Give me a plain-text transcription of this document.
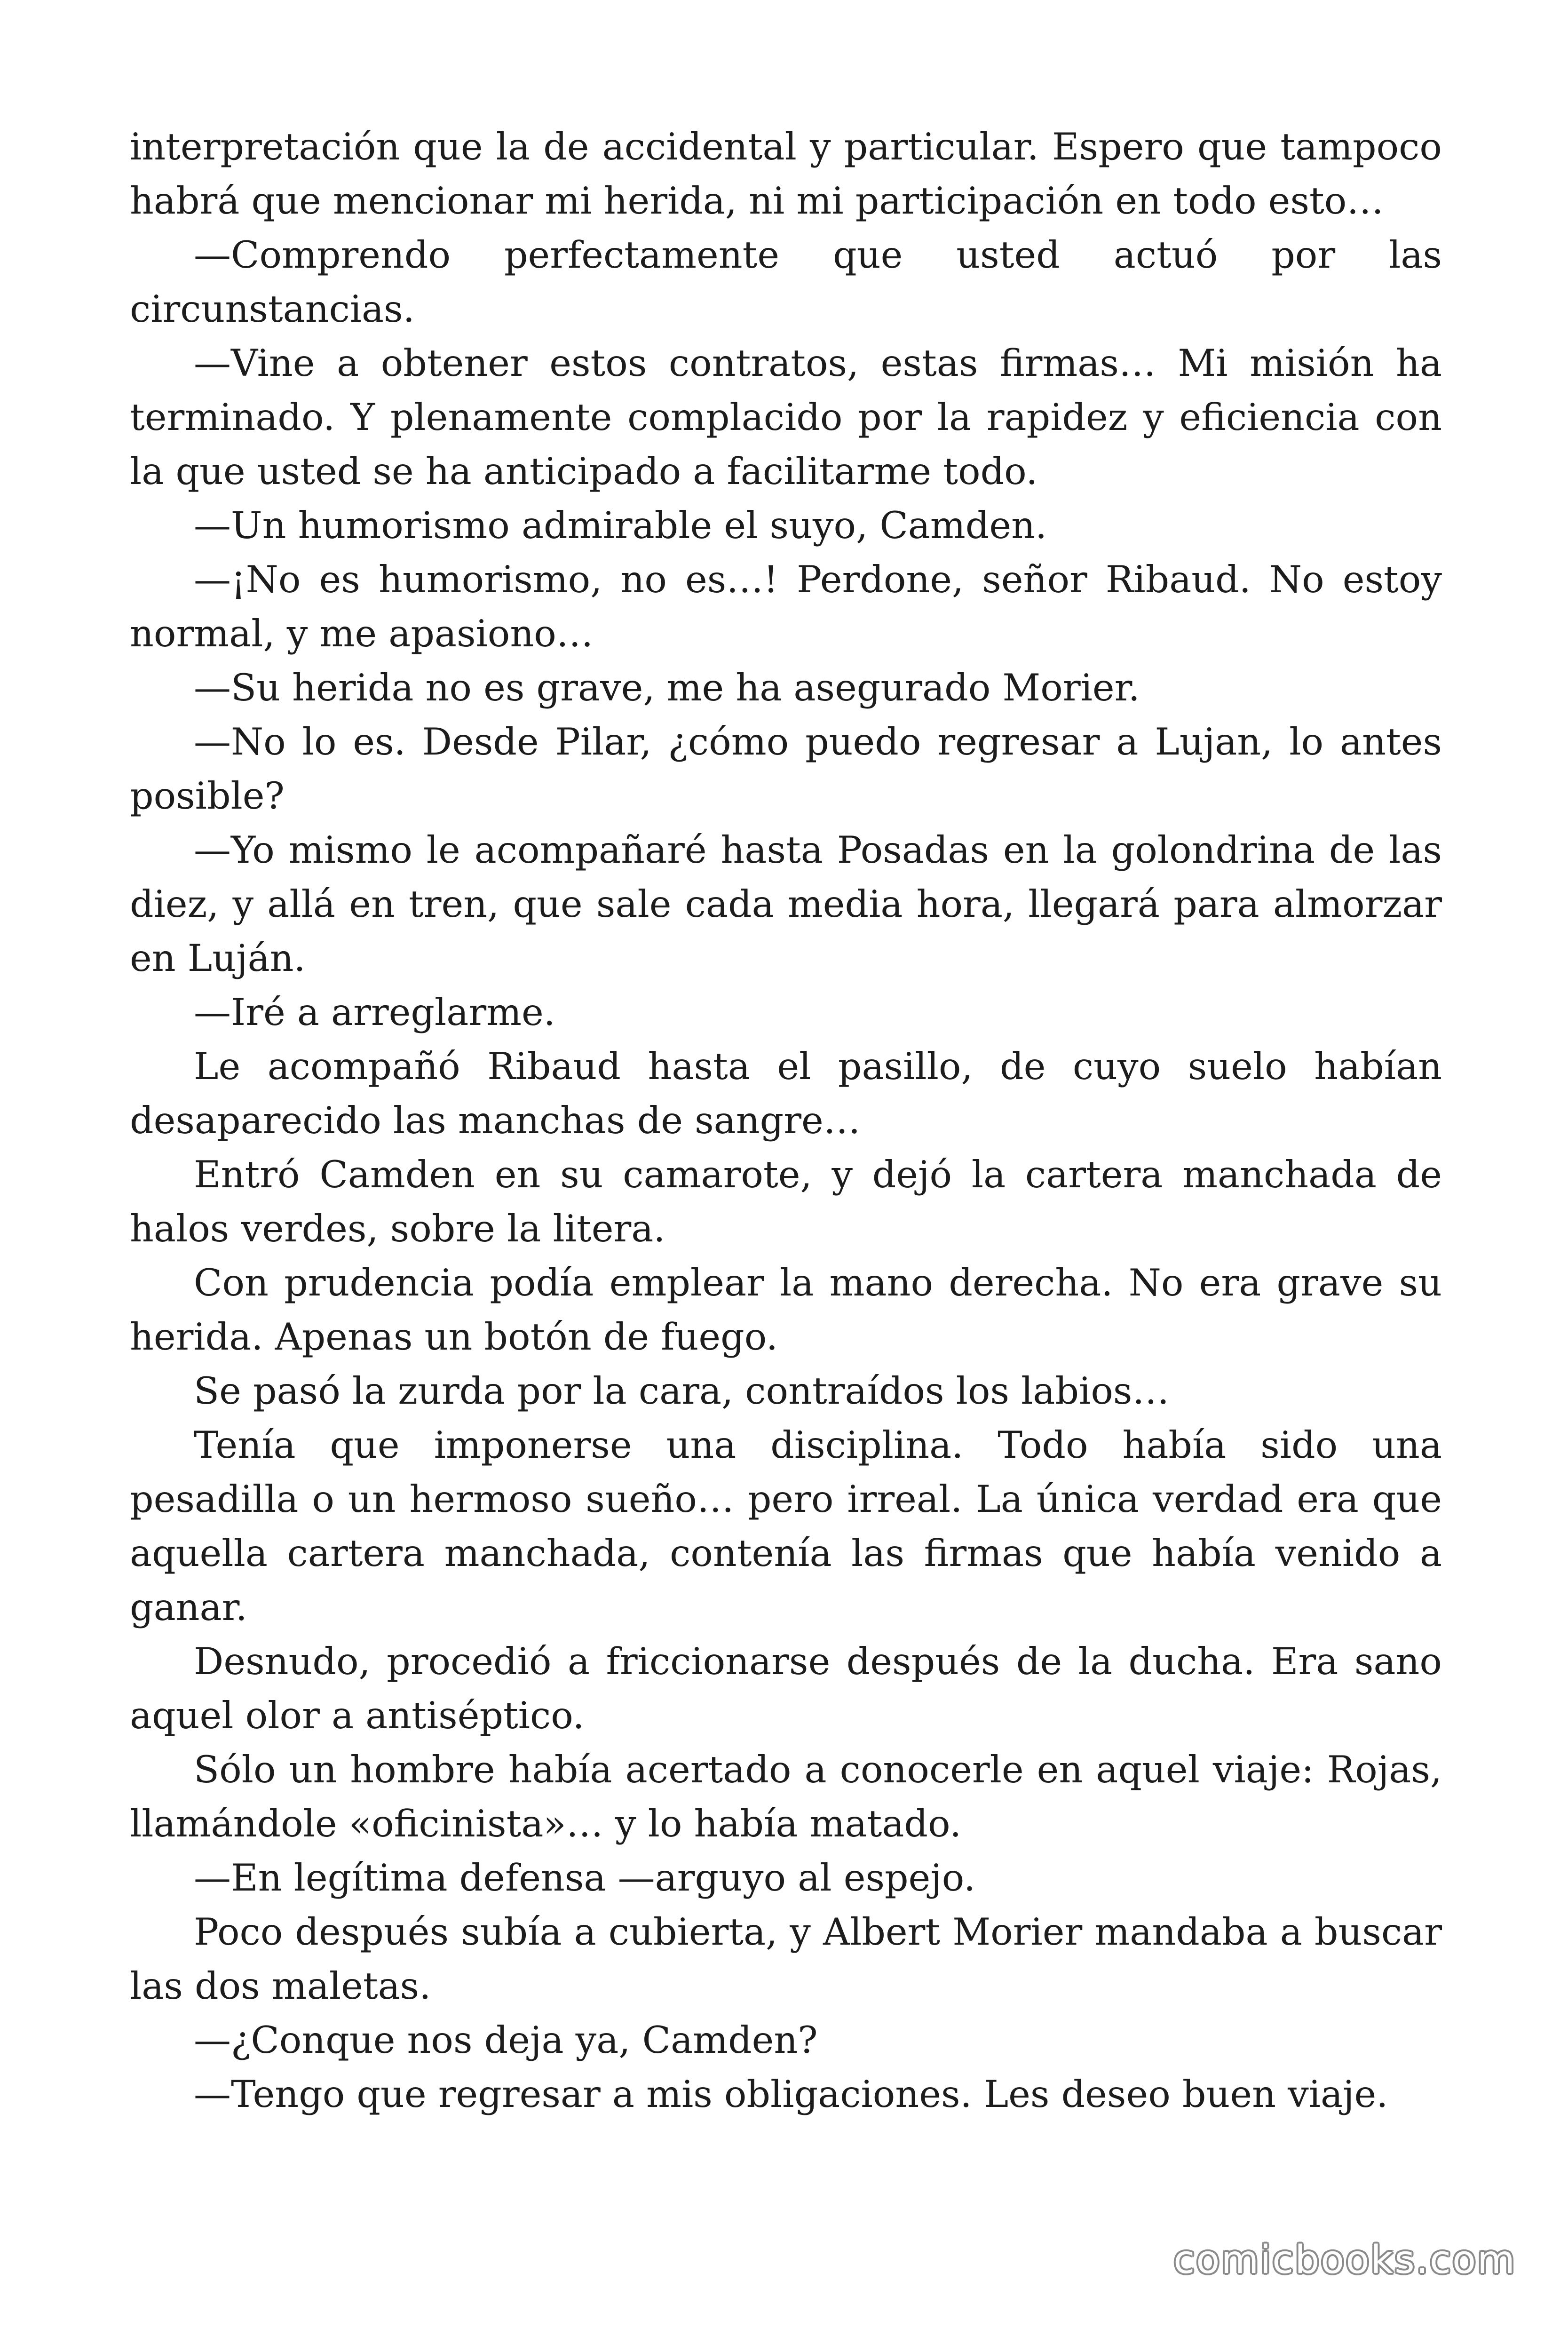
interpretación que la de accidental y particular. Espero que tampoco habrá que mencionar mi herida, ni mi participación en todo esto…

—Comprendo perfectamente que usted actuó por las circunstancias.

—Vine a obtener estos contratos, estas firmas… Mi misión ha terminado. Y plenamente complacido por la rapidez y eficiencia con la que usted se ha anticipado a facilitarme todo.

—Un humorismo admirable el suyo, Camden.

—¡No es humorismo, no es…! Perdone, señor Ribaud. No estoy normal, y me apasiono…

—Su herida no es grave, me ha asegurado Morier.

—No lo es. Desde Pilar, ¿cómo puedo regresar a Lujan, lo antes posible?

—Yo mismo le acompañaré hasta Posadas en la golondrina de las diez, y allá en tren, que sale cada media hora, llegará para almorzar en Luján.

—Iré a arreglarme.

Le acompañó Ribaud hasta el pasillo, de cuyo suelo habían desaparecido las manchas de sangre…

Entró Camden en su camarote, y dejó la cartera manchada de halos verdes, sobre la litera.

Con prudencia podía emplear la mano derecha. No era grave su herida. Apenas un botón de fuego.

Se pasó la zurda por la cara, contraídos los labios…

Tenía que imponerse una disciplina. Todo había sido una pesadilla o un hermoso sueño… pero irreal. La única verdad era que aquella cartera manchada, contenía las firmas que había venido a ganar.

Desnudo, procedió a friccionarse después de la ducha. Era sano aquel olor a antiséptico.

Sólo un hombre había acertado a conocerle en aquel viaje: Rojas, llamándole «oficinista»… y lo había matado.

—En legítima defensa —arguyo al espejo.

Poco después subía a cubierta, y Albert Morier mandaba a buscar las dos maletas.

—¿Conque nos deja ya, Camden?

—Tengo que regresar a mis obligaciones. Les deseo buen viaje.

comicbooks.com
